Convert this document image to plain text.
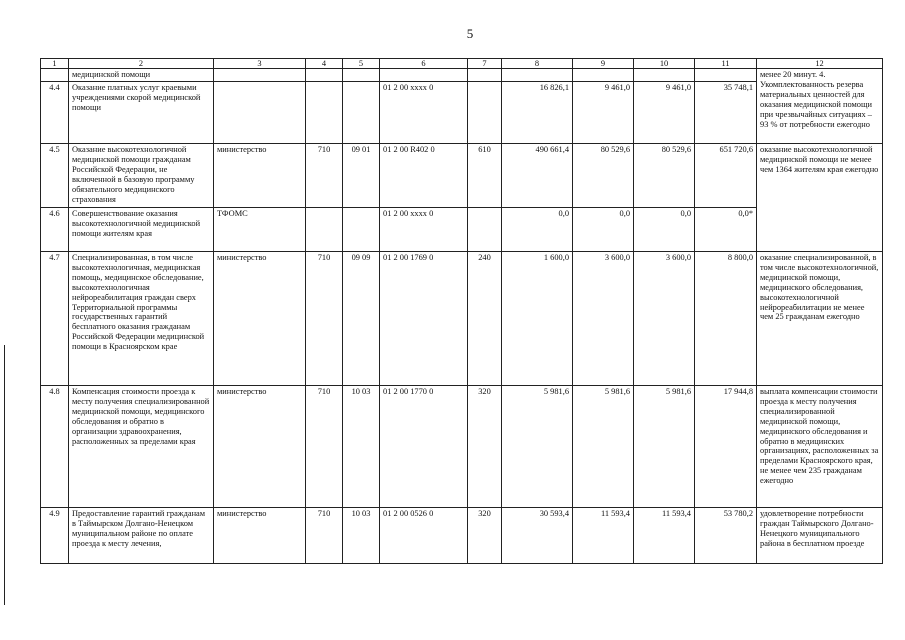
5
1	2	3	4	5	6	7	8	9	10	11	12
	медицинской помощи										менее 20 минут. 4. Укомплектованность резерва материальных ценностей для оказания медицинской помощи при чрезвычайных ситуациях – 93 % от потребности ежегодно
4.4	Оказание платных услуг краевыми учреждениями скорой медицинской помощи				01 2 00 xxxx 0		16 826,1	9 461,0	9 461,0	35 748,1	
4.5	Оказание высокотехнологичной медицинской помощи гражданам Российской Федерации, не включенной в базовую программу обязательного медицинского страхования	министерство	710	09 01	01 2 00 R402 0	610	490 661,4	80 529,6	80 529,6	651 720,6	оказание высокотехнологичной медицинской помощи не менее чем 1364 жителям края ежегодно
4.6	Совершенствование оказания высокотехнологичной медицинской помощи жителям края	ТФОМС			01 2 00 xxxx 0		0,0	0,0	0,0	0,0*	
4.7	Специализированная, в том числе высокотехнологичная, медицинская помощь, медицинское обследование, высокотехнологичная нейрореабилитация граждан сверх Территориальной программы государственных гарантий бесплатного оказания гражданам Российской Федерации медицинской помощи в Красноярском крае	министерство	710	09 09	01 2 00 1769 0	240	1 600,0	3 600,0	3 600,0	8 800,0	оказание специализированной, в том числе высокотехнологичной, медицинской помощи, медицинского обследования, высокотехнологичной нейрореабилитации не менее чем 25 гражданам ежегодно
4.8	Компенсация стоимости проезда к месту получения специализированной медицинской помощи, медицинского обследования и обратно в организации здравоохранения, расположенных за пределами края	министерство	710	10 03	01 2 00 1770 0	320	5 981,6	5 981,6	5 981,6	17 944,8	выплата компенсации стоимости проезда к месту получения специализированной медицинской помощи, медицинского обследования и обратно в медицинских организациях, расположенных за пределами Красноярского края, не менее чем 235 гражданам ежегодно
4.9	Предоставление гарантий гражданам в Таймырском Долгано-Ненецком муниципальном районе по оплате проезда к месту лечения,	министерство	710	10 03	01 2 00 0526 0	320	30 593,4	11 593,4	11 593,4	53 780,2	удовлетворение потребности граждан Таймырского Долгано-Ненецкого муниципального района в бесплатном проезде
